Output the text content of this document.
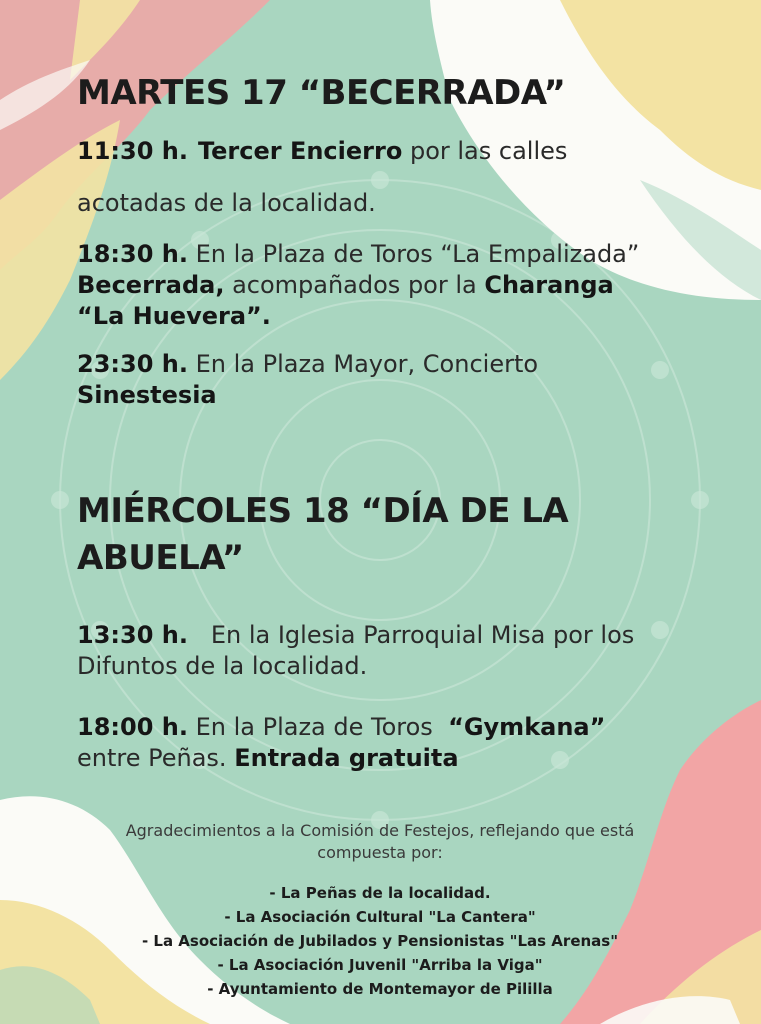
MARTES 17 “BECERRADA”

11:30 h. Tercer Encierro por las calles

acotadas de la localidad.

18:30 h. En la Plaza de Toros “La Empalizada”
Becerrada, acompañados por la Charanga
“La Huevera”.

23:30 h. En la Plaza Mayor, Concierto
Sinestesia

MIÉRCOLES 18 “DÍA DE LA
ABUELA”

13:30 h.   En la Iglesia Parroquial Misa por los
Difuntos de la localidad.

18:00 h. En la Plaza de Toros  “Gymkana”
entre Peñas. Entrada gratuita

Agradecimientos a la Comisión de Festejos, reflejando que está
compuesta por:

- La Peñas de la localidad.
- La Asociación Cultural "La Cantera"
- La Asociación de Jubilados y Pensionistas "Las Arenas"
- La Asociación Juvenil "Arriba la Viga"
- Ayuntamiento de Montemayor de Pililla
